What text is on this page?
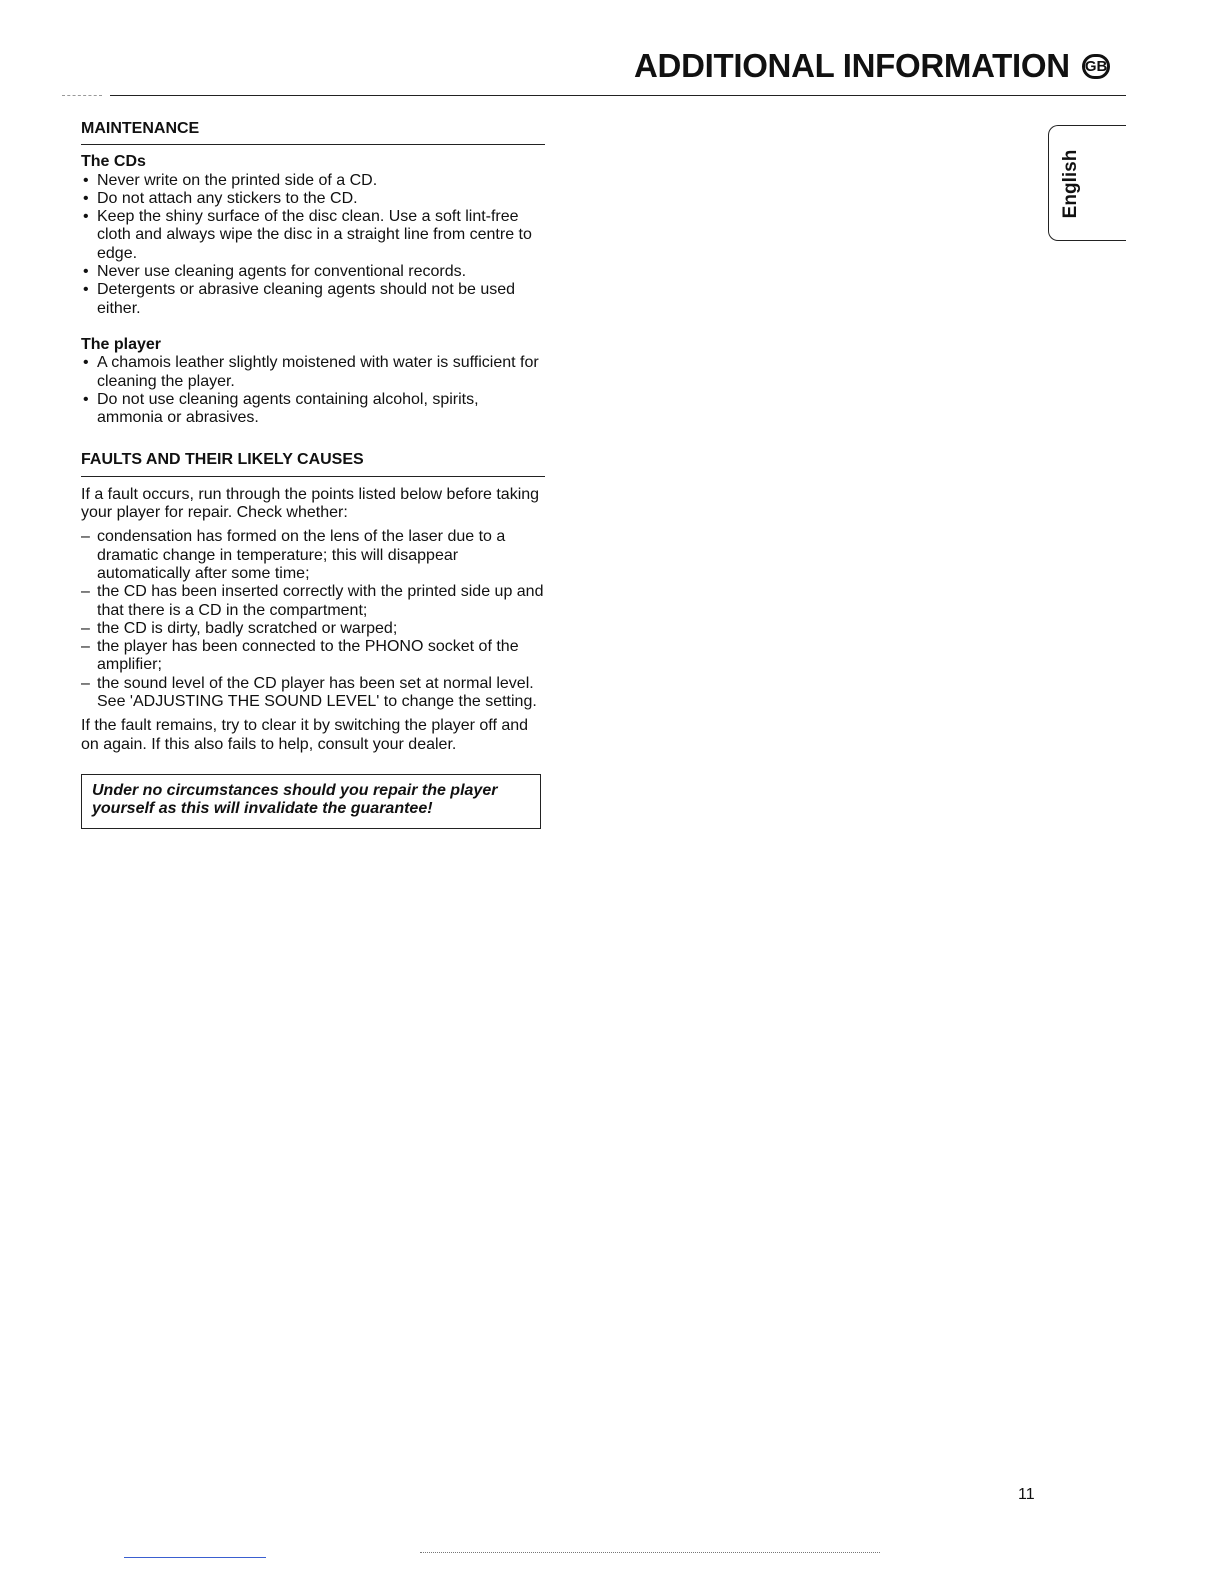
ADDITIONAL INFORMATION GB
English
MAINTENANCE
The CDs
• Never write on the printed side of a CD.
• Do not attach any stickers to the CD.
• Keep the shiny surface of the disc clean. Use a soft lint-free cloth and always wipe the disc in a straight line from centre to edge.
• Never use cleaning agents for conventional records.
• Detergents or abrasive cleaning agents should not be used either.
The player
• A chamois leather slightly moistened with water is sufficient for cleaning the player.
• Do not use cleaning agents containing alcohol, spirits, ammonia or abrasives.
FAULTS AND THEIR LIKELY CAUSES

If a fault occurs, run through the points listed below before taking your player for repair. Check whether:

– condensation has formed on the lens of the laser due to a dramatic change in temperature; this will disappear automatically after some time;
– the CD has been inserted correctly with the printed side up and that there is a CD in the compartment;
– the CD is dirty, badly scratched or warped;
– the player has been connected to the PHONO socket of the amplifier;
– the sound level of the CD player has been set at normal level. See 'ADJUSTING THE SOUND LEVEL' to change the setting.

If the fault remains, try to clear it by switching the player off and on again. If this also fails to help, consult your dealer.

Under no circumstances should you repair the player yourself as this will invalidate the guarantee!
11
